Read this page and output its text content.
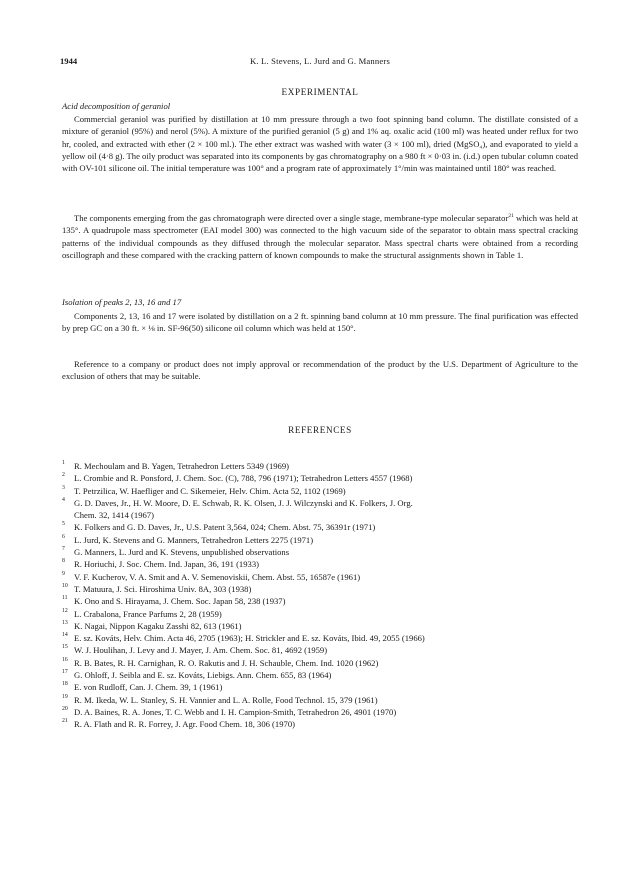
1944	K. L. Stevens, L. Jurd and G. Manners
EXPERIMENTAL
Acid decomposition of geraniol

Commercial geraniol was purified by distillation at 10 mm pressure through a two foot spinning band column. The distillate consisted of a mixture of geraniol (95%) and nerol (5%). A mixture of the purified geraniol (5 g) and 1% aq. oxalic acid (100 ml) was heated under reflux for two hr, cooled, and extracted with ether (2 × 100 ml.). The ether extract was washed with water (3 × 100 ml), dried (MgSO₄), and evaporated to yield a yellow oil (4·8 g). The oily product was separated into its components by gas chromatography on a 980 ft × 0·03 in. (i.d.) open tubular column coated with OV-101 silicone oil. The initial temperature was 100° and a program rate of approximately 1°/min was maintained until 180° was reached.

The components emerging from the gas chromatograph were directed over a single stage, membrane-type molecular separator$^{21}$ which was held at 135°. A quadrupole mass spectrometer (EAI model 300) was connected to the high vacuum side of the separator to obtain mass spectral cracking patterns of the individual compounds as they diffused through the molecular separator. Mass spectral charts were obtained from a recording oscillograph and these compared with the cracking pattern of known compounds to make the structural assignments shown in Table 1.

Isolation of peaks 2, 13, 16 and 17

Components 2, 13, 16 and 17 were isolated by distillation on a 2 ft. spinning band column at 10 mm pressure. The final purification was effected by prep GC on a 30 ft. × ⅛ in. SF-96(50) silicone oil column which was held at 150°.

Reference to a company or product does not imply approval or recommendation of the product by the U.S. Department of Agriculture to the exclusion of others that may be suitable.

REFERENCES
1 R. Mechoulam and B. Yagen, Tetrahedron Letters 5349 (1969)
2 L. Crombie and R. Ponsford, J. Chem. Soc. (C), 788, 796 (1971); Tetrahedron Letters 4557 (1968)
3 T. Petrzilica, W. Haefliger and C. Sikemeier, Helv. Chim. Acta 52, 1102 (1969)
4 G. D. Daves, Jr., H. W. Moore, D. E. Schwab, R. K. Olsen, J. J. Wilczynski and K. Folkers, J. Org.
Chem. 32, 1414 (1967)
5 K. Folkers and G. D. Daves, Jr., U.S. Patent 3,564, 024; Chem. Abst. 75, 36391r (1971)
6 L. Jurd, K. Stevens and G. Manners, Tetrahedron Letters 2275 (1971)
7 G. Manners, L. Jurd and K. Stevens, unpublished observations
8 R. Horiuchi, J. Soc. Chem. Ind. Japan, 36, 191 (1933)
9 V. F. Kucherov, V. A. Smit and A. V. Semenoviskii, Chem. Abst. 55, 16587e (1961)
10 T. Matuura, J. Sci. Hiroshima Univ. 8A, 303 (1938)
11 K. Ono and S. Hirayama, J. Chem. Soc. Japan 58, 238 (1937)
12 L. Crabalona, France Parfums 2, 28 (1959)
13 K. Nagai, Nippon Kagaku Zasshi 82, 613 (1961)
14 E. sz. Kováts, Helv. Chim. Acta 46, 2705 (1963); H. Strickler and E. sz. Kováts, Ibid. 49, 2055 (1966)
15 W. J. Houlihan, J. Levy and J. Mayer, J. Am. Chem. Soc. 81, 4692 (1959)
16 R. B. Bates, R. H. Carnighan, R. O. Rakutis and J. H. Schauble, Chem. Ind. 1020 (1962)
17 G. Ohloff, J. Seibla and E. sz. Kováts, Liebigs. Ann. Chem. 655, 83 (1964)
18 E. von Rudloff, Can. J. Chem. 39, 1 (1961)
19 R. M. Ikeda, W. L. Stanley, S. H. Vannier and L. A. Rolle, Food Technol. 15, 379 (1961)
20 D. A. Baines, R. A. Jones, T. C. Webb and I. H. Campion-Smith, Tetrahedron 26, 4901 (1970)
21 R. A. Flath and R. R. Forrey, J. Agr. Food Chem. 18, 306 (1970)
